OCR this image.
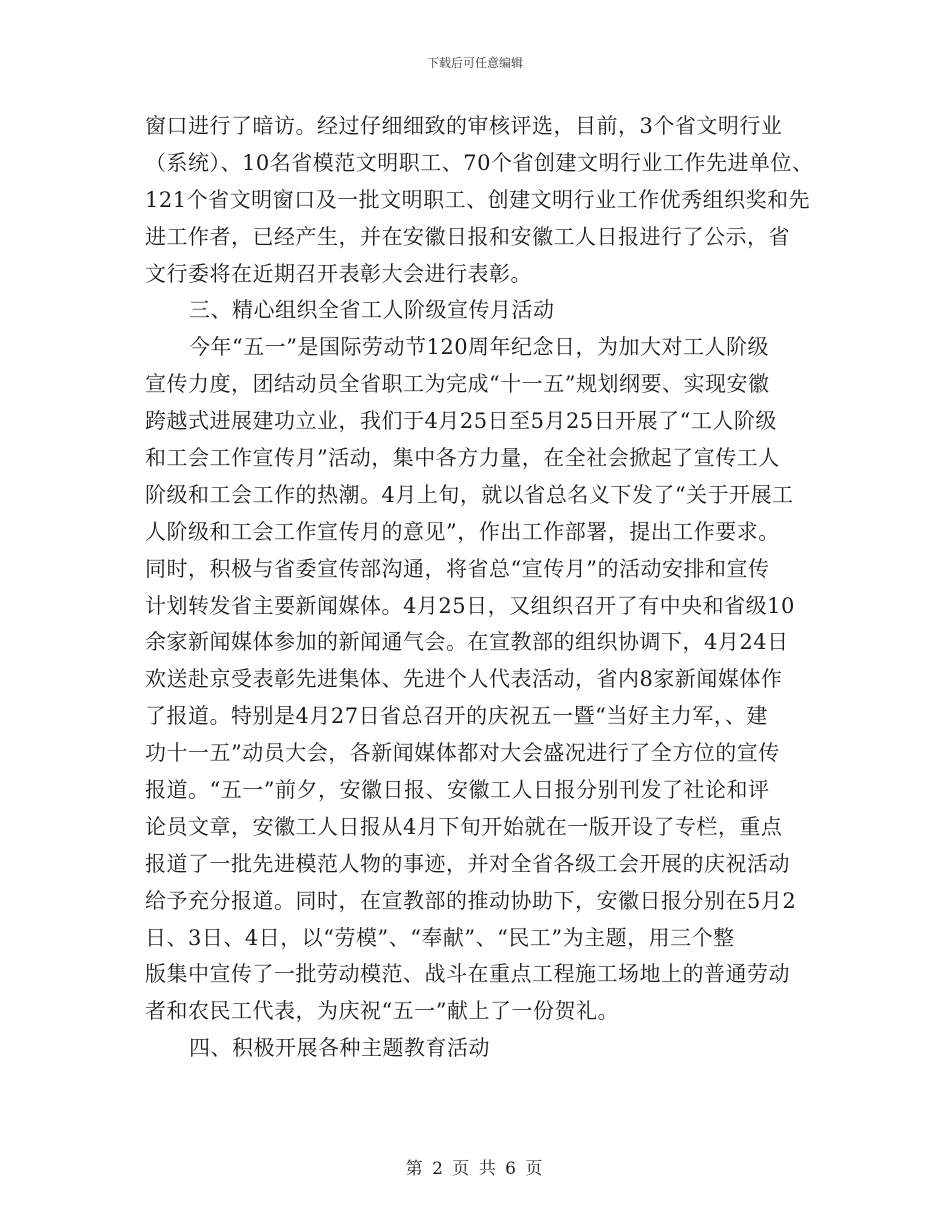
下载后可任意编辑
窗口进行了暗访。经过仔细细致的审核评选，目前，3个省文明行业
（系统）、10名省模范文明职工、70个省创建文明行业工作先进单位、
121个省文明窗口及一批文明职工、创建文明行业工作优秀组织奖和先
进工作者，已经产生，并在安徽日报和安徽工人日报进行了公示，省
文行委将在近期召开表彰大会进行表彰。
三、精心组织全省工人阶级宣传月活动
今年“五一”是国际劳动节120周年纪念日，为加大对工人阶级
宣传力度，团结动员全省职工为完成“十一五”规划纲要、实现安徽
跨越式进展建功立业，我们于4月25日至5月25日开展了“工人阶级
和工会工作宣传月”活动，集中各方力量，在全社会掀起了宣传工人
阶级和工会工作的热潮。4月上旬，就以省总名义下发了“关于开展工
人阶级和工会工作宣传月的意见”，作出工作部署，提出工作要求。
同时，积极与省委宣传部沟通，将省总“宣传月”的活动安排和宣传
计划转发省主要新闻媒体。4月25日，又组织召开了有中央和省级10
余家新闻媒体参加的新闻通气会。在宣教部的组织协调下，4月24日
欢送赴京受表彰先进集体、先进个人代表活动，省内8家新闻媒体作
了报道。特别是4月27日省总召开的庆祝五一暨“当好主力军，、建
功十一五”动员大会，各新闻媒体都对大会盛况进行了全方位的宣传
报道。“五一”前夕，安徽日报、安徽工人日报分别刊发了社论和评
论员文章，安徽工人日报从4月下旬开始就在一版开设了专栏，重点
报道了一批先进模范人物的事迹，并对全省各级工会开展的庆祝活动
给予充分报道。同时，在宣教部的推动协助下，安徽日报分别在5月2
日、3日、4日，以“劳模”、“奉献”、“民工”为主题，用三个整
版集中宣传了一批劳动模范、战斗在重点工程施工场地上的普通劳动
者和农民工代表，为庆祝“五一”献上了一份贺礼。
四、积极开展各种主题教育活动
第 2 页 共 6 页
